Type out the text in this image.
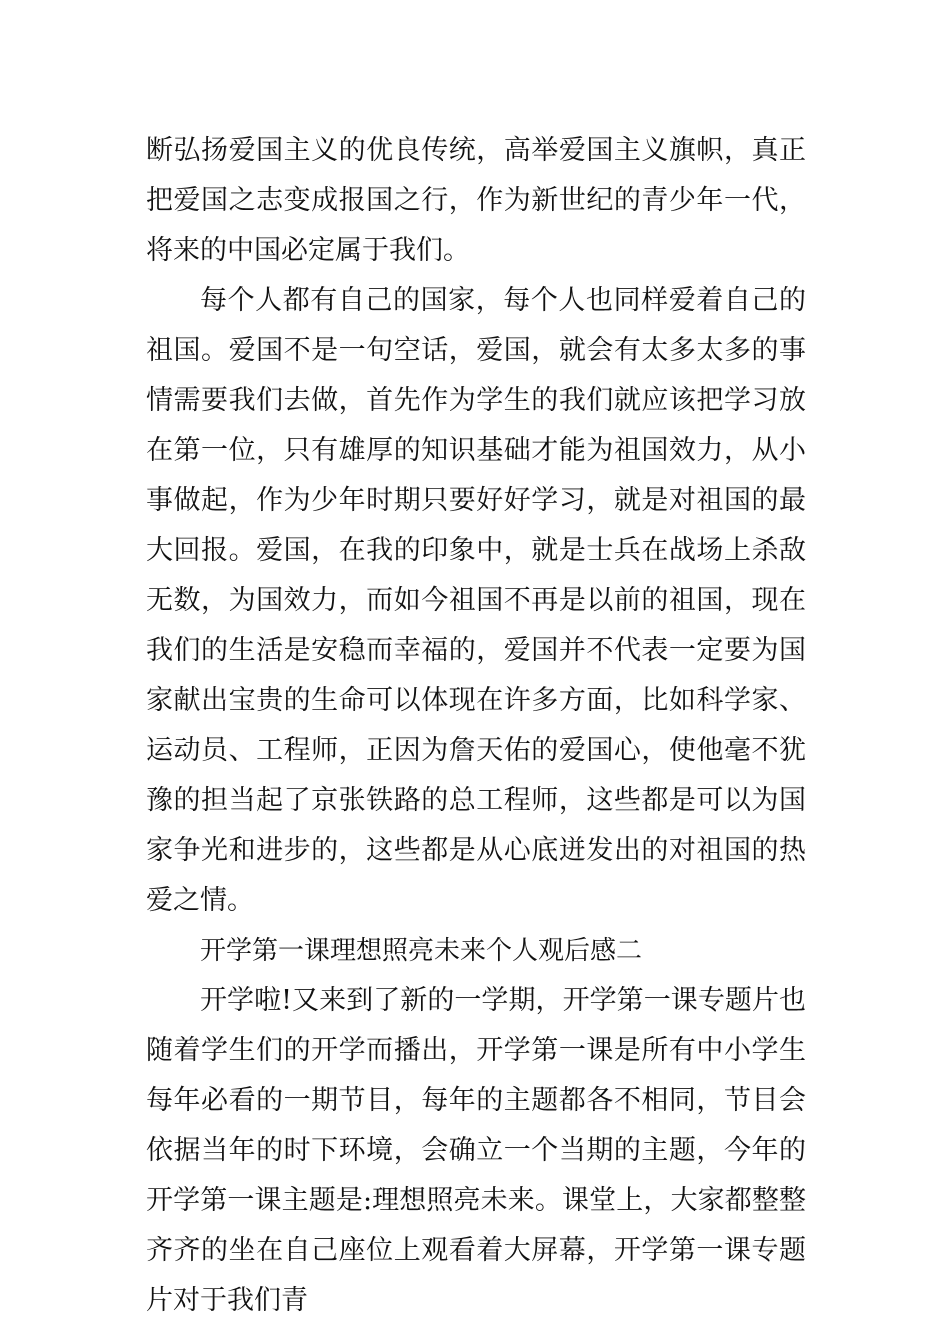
断弘扬爱国主义的优良传统，高举爱国主义旗帜，真正把爱国之志变成报国之行，作为新世纪的青少年一代，将来的中国必定属于我们。

每个人都有自己的国家，每个人也同样爱着自己的祖国。爱国不是一句空话，爱国，就会有太多太多的事情需要我们去做，首先作为学生的我们就应该把学习放在第一位，只有雄厚的知识基础才能为祖国效力，从小事做起，作为少年时期只要好好学习，就是对祖国的最大回报。爱国，在我的印象中，就是士兵在战场上杀敌无数，为国效力，而如今祖国不再是以前的祖国，现在我们的生活是安稳而幸福的，爱国并不代表一定要为国家献出宝贵的生命可以体现在许多方面，比如科学家、运动员、工程师，正因为詹天佑的爱国心，使他毫不犹豫的担当起了京张铁路的总工程师，这些都是可以为国家争光和进步的，这些都是从心底迸发出的对祖国的热爱之情。

开学第一课理想照亮未来个人观后感二

开学啦!又来到了新的一学期，开学第一课专题片也随着学生们的开学而播出，开学第一课是所有中小学生每年必看的一期节目，每年的主题都各不相同，节目会依据当年的时下环境，会确立一个当期的主题，今年的开学第一课主题是:理想照亮未来。课堂上，大家都整整齐齐的坐在自己座位上观看着大屏幕，开学第一课专题片对于我们青
